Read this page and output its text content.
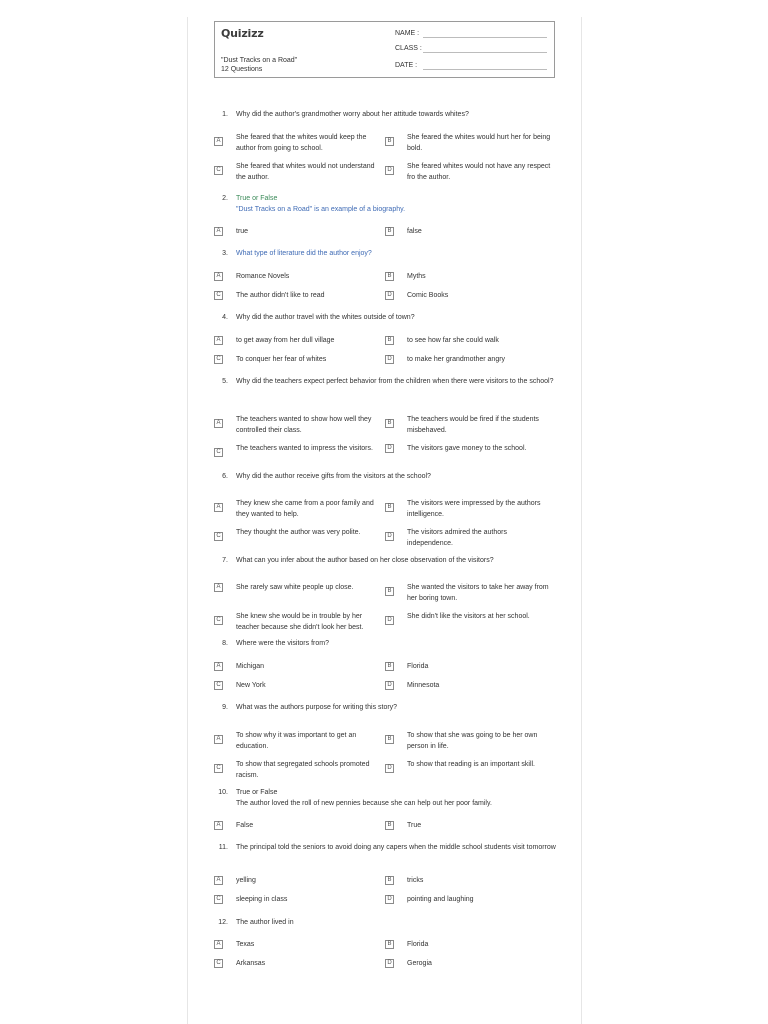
Quizizz
"Dust Tracks on a Road"
12 Questions
NAME :
CLASS :
DATE :
1. Why did the author's grandmother worry about her attitude towards whites?
A	She feared that the whites would keep the author from going to school.
B	She feared the whites would hurt her for being bold.
C	She feared that whites would not understand the author.
D	She feared whites would not have any respect fro the author.
2. True or False
"Dust Tracks on a Road" is an example of a biography.
A	true	B	false
3. What type of literature did the author enjoy?
A	Romance Novels	B	Myths
C	The author didn't like to read	D	Comic Books
4. Why did the author travel with the whites outside of town?
A	to get away from her dull village	B	to see how far she could walk
C	To conquer her fear of whites	D	to make her grandmother angry
5. Why did the teachers expect perfect behavior from the children when there were visitors to the school?
A	The teachers wanted to show how well they controlled their class.
B	The teachers would be fired if the students misbehaved.
C	The teachers wanted to impress the visitors.	D	The visitors gave money to the school.
6. Why did the author receive gifts from the visitors at the school?
A	They knew she came from a poor family and they wanted to help.
B	The visitors were impressed by the authors intelligence.
C	They thought the author was very polite.	D	The visitors admired the authors independence.
7. What can you infer about the author based on her close observation of the visitors?
A	She rarely saw white people up close.	B	She wanted the visitors to take her away from her boring town.
C	She knew she would be in trouble by her teacher because she didn't look her best.
D	She didn't like the visitors at her school.
8. Where were the visitors from?
A	Michigan	B	Florida
C	New York	D	Minnesota
9. What was the authors purpose for writing this story?
A	To show why it was important to get an education.
B	To show that she was going to be her own person in life.
C	To show that segregated schools promoted racism.
D	To show that reading is an important skill.
10. True or False
The author loved the roll of new pennies because she can help out her poor family.
A	False	B	True
11. The principal told the seniors to avoid doing any capers when the middle school students visit tomorrow
A	yelling	B	tricks
C	sleeping in class	D	pointing and laughing
12. The author lived in
A	Texas	B	Florida
C	Arkansas	D	Gerogia
